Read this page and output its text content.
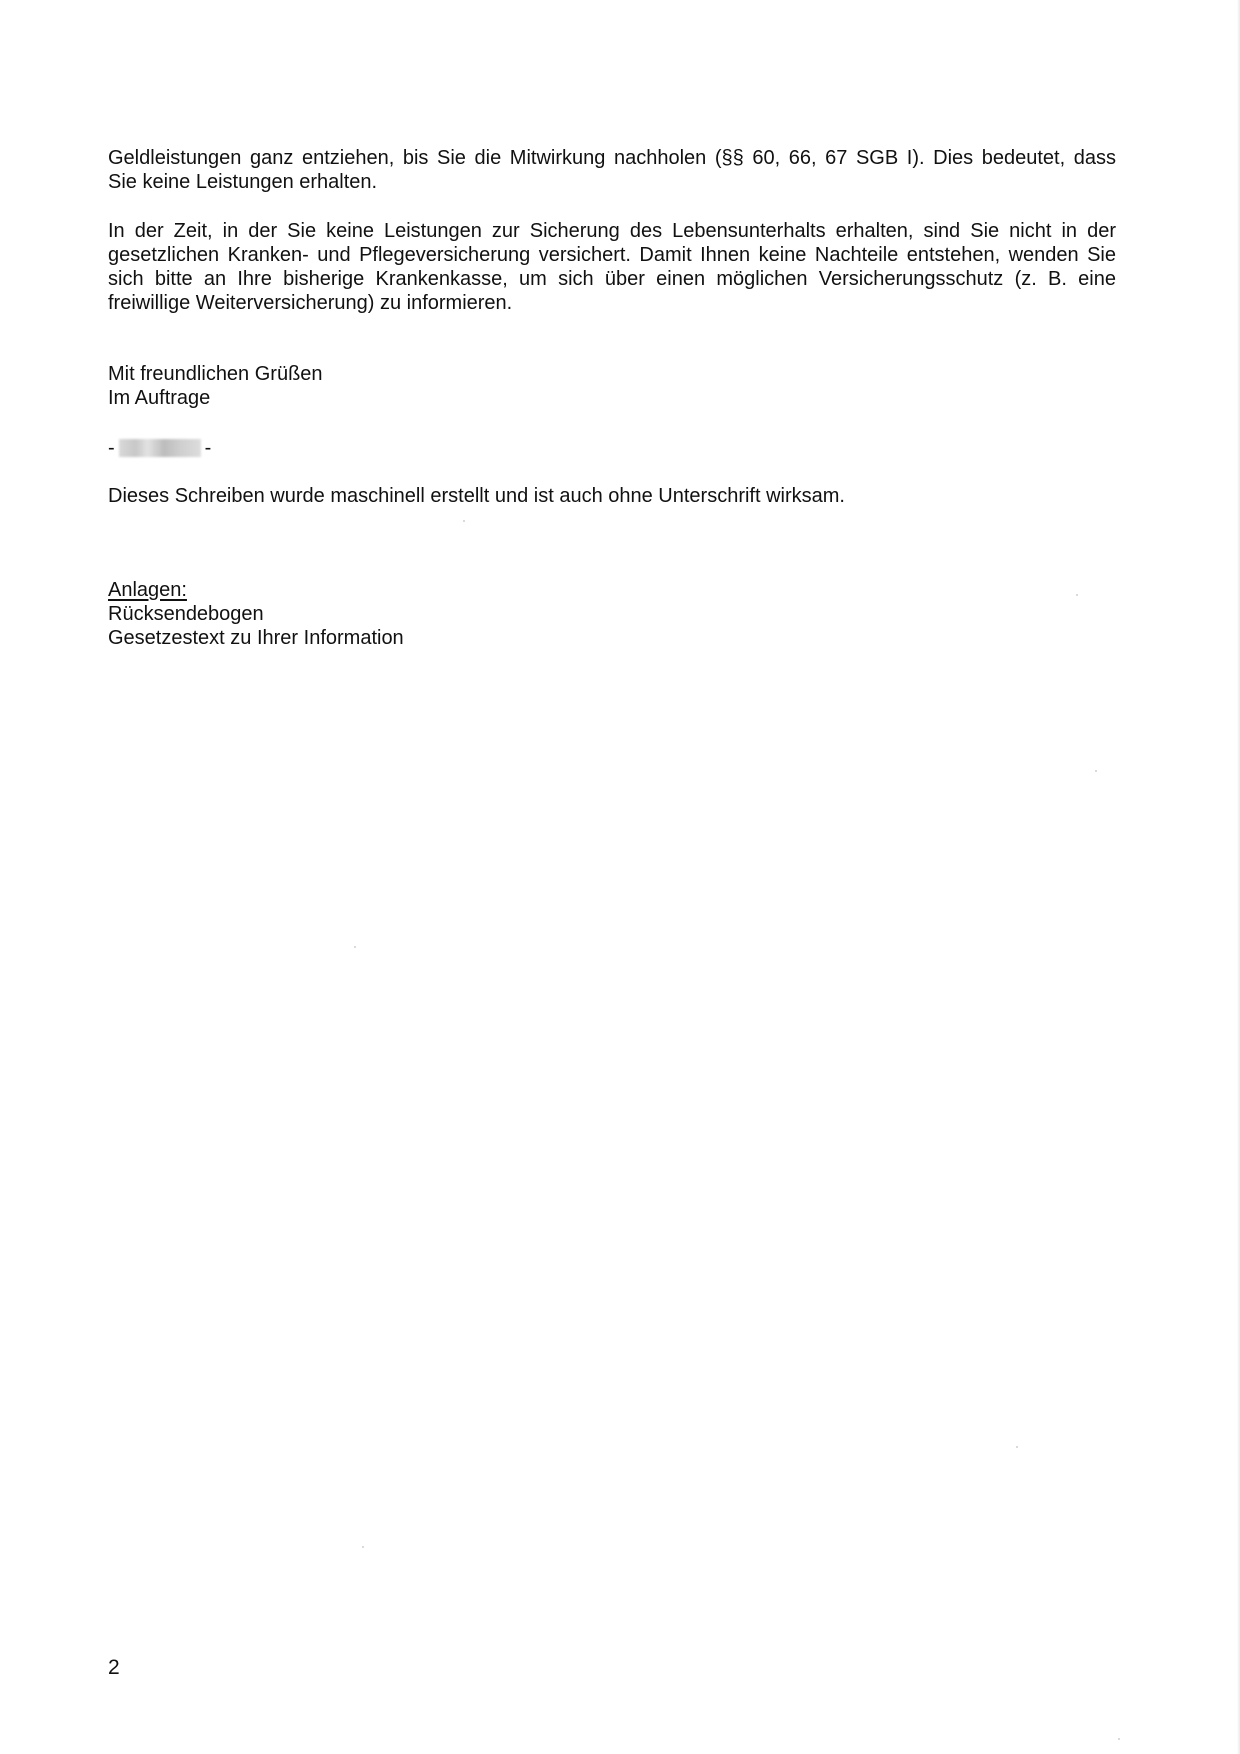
Geldleistungen ganz entziehen, bis Sie die Mitwirkung nachholen (§§ 60, 66, 67 SGB I). Dies bedeutet, dass
Sie keine Leistungen erhalten.
In der Zeit, in der Sie keine Leistungen zur Sicherung des Lebensunterhalts erhalten, sind Sie nicht in der
gesetzlichen Kranken- und Pflegeversicherung versichert. Damit Ihnen keine Nachteile entstehen, wenden Sie
sich bitte an Ihre bisherige Krankenkasse, um sich über einen möglichen Versicherungsschutz (z. B. eine
freiwillige Weiterversicherung) zu informieren.
Mit freundlichen Grüßen
Im Auftrage
-	-
Dieses Schreiben wurde maschinell erstellt und ist auch ohne Unterschrift wirksam.
Anlagen:
Rücksendebogen
Gesetzestext zu Ihrer Information
2
